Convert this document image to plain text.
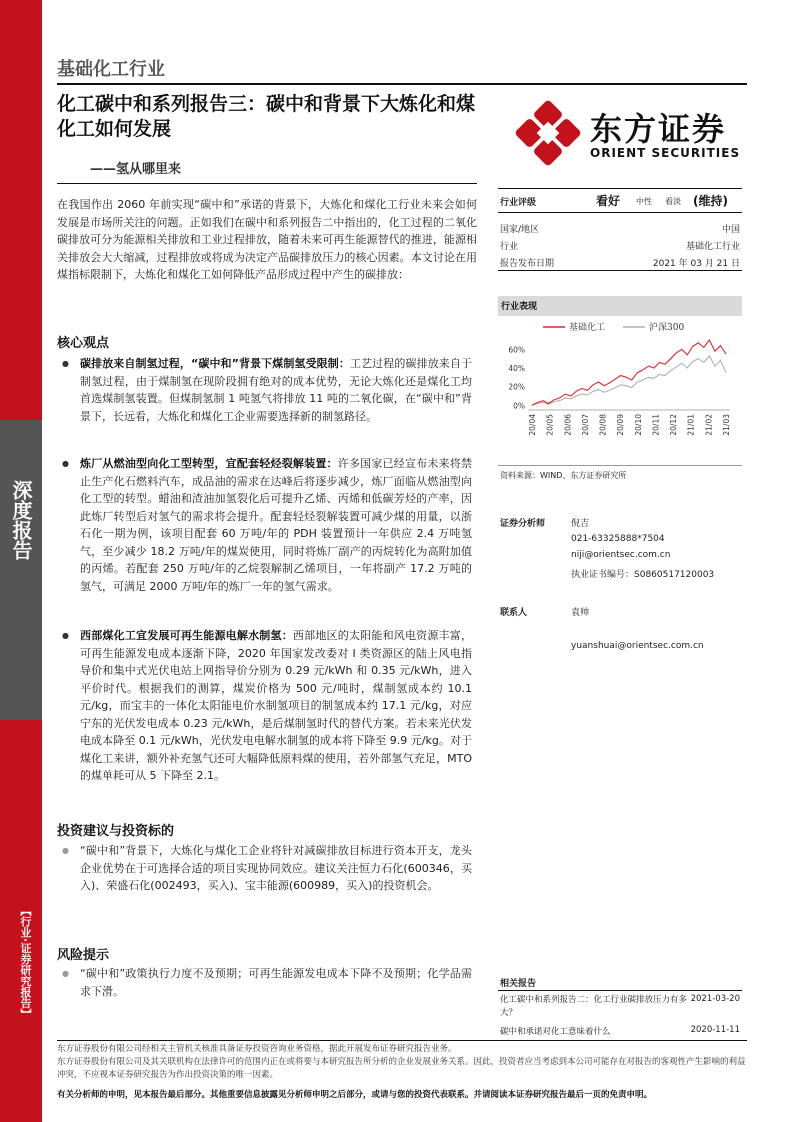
深度报告
【行业·证券研究报告】
基础化工行业
化工碳中和系列报告三：碳中和背景下大炼化和煤化工如何发展
——氢从哪里来
东方证券
ORIENT SECURITIES
在我国作出 2060 年前实现“碳中和”承诺的背景下，大炼化和煤化工行业未来会如何发展是市场所关注的问题。正如我们在碳中和系列报告二中指出的，化工过程的二氧化碳排放可分为能源相关排放和工业过程排放，随着未来可再生能源替代的推进，能源相关排放会大大缩减，过程排放或将成为决定产品碳排放压力的核心因素。本文讨论在用煤指标限制下，大炼化和煤化工如何降低产品形成过程中产生的碳排放：
核心观点
● 碳排放来自制氢过程，“碳中和”背景下煤制氢受限制：工艺过程的碳排放来自于制氢过程，由于煤制氢在现阶段拥有绝对的成本优势，无论大炼化还是煤化工均首选煤制氢装置。但煤制氢制 1 吨氢气将排放 11 吨的二氧化碳，在“碳中和”背景下，长远看，大炼化和煤化工企业需要选择新的制氢路径。
● 炼厂从燃油型向化工型转型，宜配套轻烃裂解装置：许多国家已经宣布未来将禁止生产化石燃料汽车，成品油的需求在达峰后将逐步减少，炼厂面临从燃油型向化工型的转型。蜡油和渣油加氢裂化后可提升乙烯、丙烯和低碳芳烃的产率，因此炼厂转型后对氢气的需求将会提升。配套轻烃裂解装置可减少煤的用量，以浙石化一期为例，该项目配套 60 万吨/年的 PDH 装置预计一年供应 2.4 万吨氢气，至少减少 18.2 万吨/年的煤炭使用，同时将炼厂副产的丙烷转化为高附加值的丙烯。若配套 250 万吨/年的乙烷裂解制乙烯项目，一年将副产 17.2 万吨的氢气，可满足 2000 万吨/年的炼厂一年的氢气需求。
● 西部煤化工宜发展可再生能源电解水制氢：西部地区的太阳能和风电资源丰富，可再生能源发电成本逐渐下降，2020 年国家发改委对 I 类资源区的陆上风电指导价和集中式光伏电站上网指导价分别为 0.29 元/kWh 和 0.35 元/kWh，进入平价时代。根据我们的测算，煤炭价格为 500 元/吨时，煤制氢成本约 10.1 元/kg，而宝丰的一体化太阳能电价水制氢项目的制氢成本约 17.1 元/kg，对应宁东的光伏发电成本 0.23 元/kWh，是后煤制氢时代的替代方案。若未来光伏发电成本降至 0.1 元/kWh，光伏发电电解水制氢的成本将下降至 9.9 元/kg。对于煤化工来讲，额外补充氢气还可大幅降低原料煤的使用，若外部氢气充足，MTO 的煤单耗可从 5 下降至 2.1。
投资建议与投资标的
● “碳中和”背景下，大炼化与煤化工企业将针对减碳排放目标进行资本开支，龙头企业优势在于可选择合适的项目实现协同效应。建议关注恒力石化(600346，买入)、荣盛石化(002493，买入)、宝丰能源(600989，买入)的投资机会。
风险提示
● “碳中和”政策执行力度不及预期；可再生能源发电成本下降不及预期；化学品需求下滑。
行业评级	看好 中性 看淡 (维持)
国家/地区	中国
行业	基础化工行业
报告发布日期	2021 年 03 月 21 日
行业表现
基础化工	沪深300
0%
20%
40%
60%
20/04 20/05 20/06 20/07 20/08 20/09 20/10 20/11 20/12 21/01 21/02 21/03
资料来源：WIND、东方证券研究所
证券分析师	倪吉
021-63325888*7504
niji@orientsec.com.cn
执业证书编号：S0860517120003
联系人	袁帅
yuanshuai@orientsec.com.cn
相关报告
化工碳中和系列报告二：化工行业碳排放压力有多大？
2021-03-20
碳中和承诺对化工意味着什么	2020-11-11
东方证券股份有限公司经相关主管机关核准具备证券投资咨询业务资格，据此开展发布证券研究报告业务。
东方证券股份有限公司及其关联机构在法律许可的范围内正在或将要与本研究报告所分析的企业发展业务关系。因此，投资者应当考虑到本公司可能存在对报告的客观性产生影响的利益冲突，不应视本证券研究报告为作出投资决策的唯一因素。
有关分析师的申明，见本报告最后部分。其他重要信息披露见分析师申明之后部分，或请与您的投资代表联系。并请阅读本证券研究报告最后一页的免责申明。
